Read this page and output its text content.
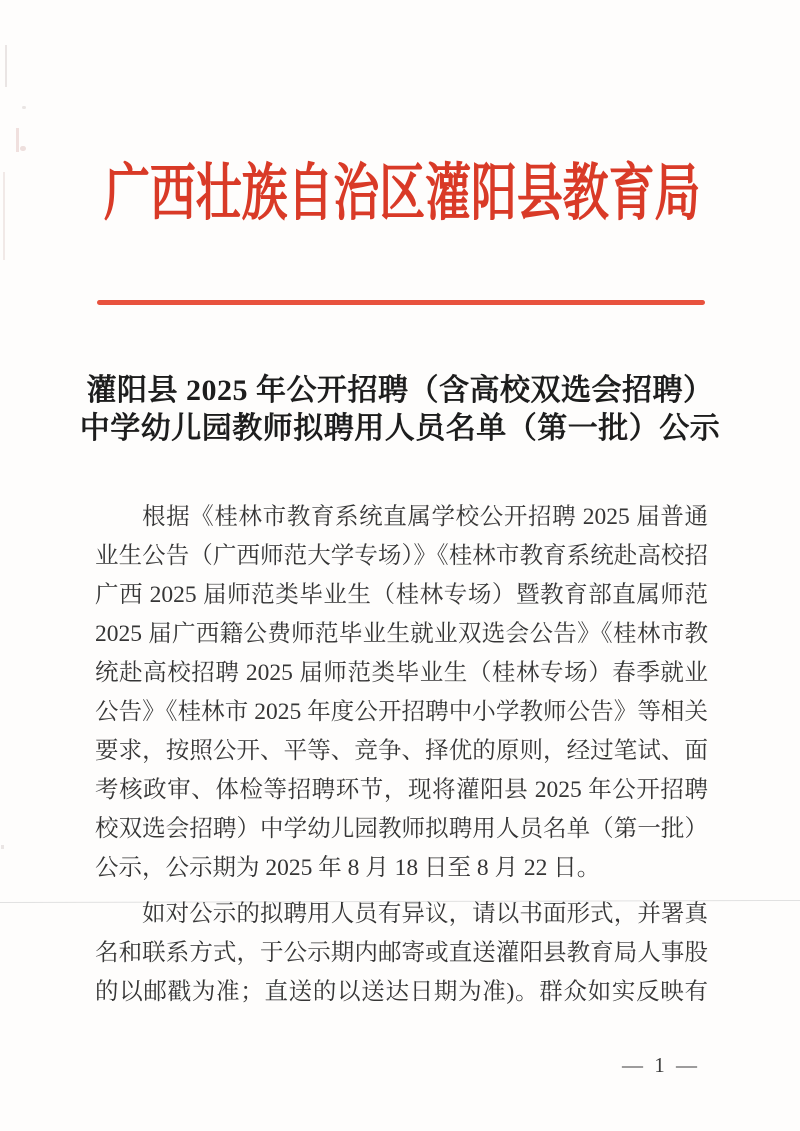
广西壮族自治区灌阳县教育局
灌阳县 2025 年公开招聘（含高校双选会招聘）
中学幼儿园教师拟聘用人员名单（第一批）公示
根据《桂林市教育系统直属学校公开招聘 2025 届普通
业生公告（广西师范大学专场）》《桂林市教育系统赴高校招
广西 2025 届师范类毕业生（桂林专场）暨教育部直属师范
2025 届广西籍公费师范毕业生就业双选会公告》《桂林市教
统赴高校招聘 2025 届师范类毕业生（桂林专场）春季就业
公告》《桂林市 2025 年度公开招聘中小学教师公告》等相关
要求，按照公开、平等、竞争、择优的原则，经过笔试、面
考核政审、体检等招聘环节，现将灌阳县 2025 年公开招聘
校双选会招聘）中学幼儿园教师拟聘用人员名单（第一批）
公示，公示期为 2025 年 8 月 18 日至 8 月 22 日。
如对公示的拟聘用人员有异议，请以书面形式，并署真
名和联系方式，于公示期内邮寄或直送灌阳县教育局人事股
的以邮戳为准；直送的以送达日期为准)。群众如实反映有
— 1 —
